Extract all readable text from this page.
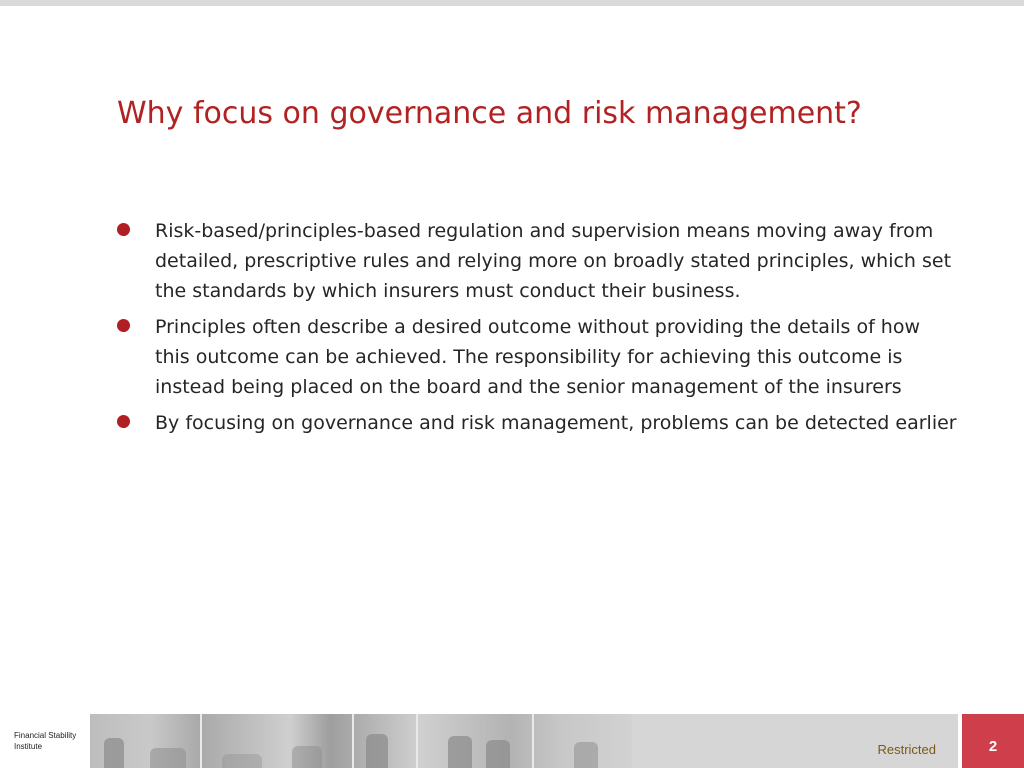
Why focus on governance and risk management?
Risk-based/principles-based regulation and supervision means moving away from detailed, prescriptive rules and relying more on broadly stated principles, which set the standards by which insurers must conduct their business.
Principles often describe a desired outcome without providing the details of how this outcome can be achieved. The responsibility for achieving this outcome is instead being placed on the board and the senior management of the insurers
By focusing on governance and risk management, problems can be detected earlier
Financial Stability
Institute	Restricted	2
